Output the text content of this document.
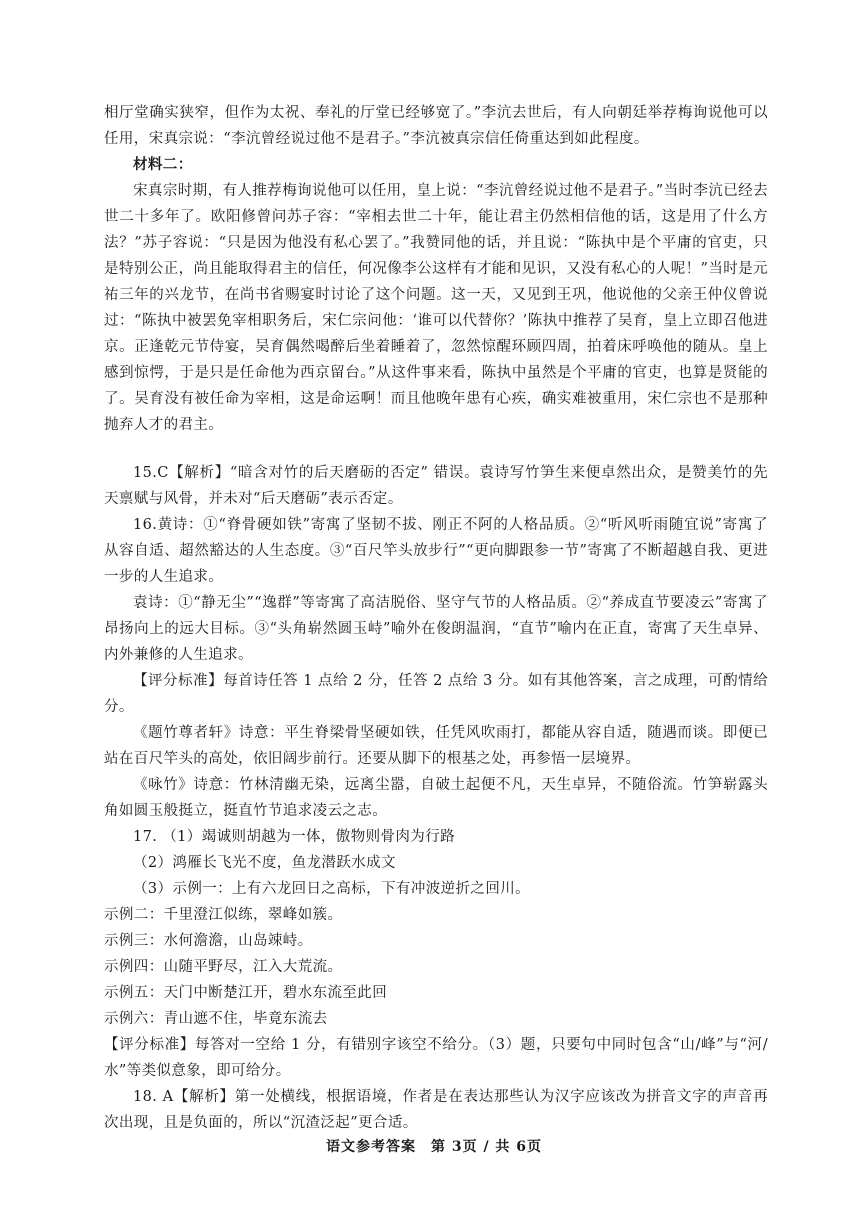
相厅堂确实狭窄，但作为太祝、奉礼的厅堂已经够宽了。”李沆去世后，有人向朝廷举荐梅询说他可以任用，宋真宗说：“李沆曾经说过他不是君子。”李沆被真宗信任倚重达到如此程度。

材料二：

宋真宗时期，有人推荐梅询说他可以任用，皇上说：“李沆曾经说过他不是君子。”当时李沆已经去世二十多年了。欧阳修曾问苏子容：“宰相去世二十年，能让君主仍然相信他的话，这是用了什么方法？”苏子容说：“只是因为他没有私心罢了。”我赞同他的话，并且说：“陈执中是个平庸的官吏，只是特别公正，尚且能取得君主的信任，何况像李公这样有才能和见识，又没有私心的人呢！”当时是元祐三年的兴龙节，在尚书省赐宴时讨论了这个问题。这一天，又见到王巩，他说他的父亲王仲仪曾说过：“陈执中被罢免宰相职务后，宋仁宗问他：‘谁可以代替你？’陈执中推荐了吴育，皇上立即召他进京。正逢乾元节侍宴，吴育偶然喝醉后坐着睡着了，忽然惊醒环顾四周，拍着床呼唤他的随从。皇上感到惊愕，于是只是任命他为西京留台。”从这件事来看，陈执中虽然是个平庸的官吏，也算是贤能的了。吴育没有被任命为宰相，这是命运啊！而且他晚年患有心疾，确实难被重用，宋仁宗也不是那种抛弃人才的君主。

15.C【解析】“暗含对竹的后天磨砺的否定” 错误。袁诗写竹笋生来便卓然出众，是赞美竹的先天禀赋与风骨，并未对“后天磨砺”表示否定。

16.黄诗：①“脊骨硬如铁”寄寓了坚韧不拔、刚正不阿的人格品质。②“听风听雨随宜说”寄寓了从容自适、超然豁达的人生态度。③“百尺竿头放步行”“更向脚跟参一节”寄寓了不断超越自我、更进一步的人生追求。

袁诗：①“静无尘”“逸群”等寄寓了高洁脱俗、坚守气节的人格品质。②“养成直节要凌云”寄寓了昂扬向上的远大目标。③“头角崭然圆玉峙”喻外在俊朗温润，“直节”喻内在正直，寄寓了天生卓异、内外兼修的人生追求。

【评分标准】每首诗任答 1 点给 2 分，任答 2 点给 3 分。如有其他答案，言之成理，可酌情给分。

《题竹尊者轩》诗意：平生脊梁骨坚硬如铁，任凭风吹雨打，都能从容自适，随遇而谈。即便已站在百尺竿头的高处，依旧阔步前行。还要从脚下的根基之处，再参悟一层境界。

《咏竹》诗意：竹林清幽无染，远离尘嚣，自破土起便不凡，天生卓异，不随俗流。竹笋崭露头角如圆玉般挺立，挺直竹节追求凌云之志。

17. （1）竭诚则胡越为一体，傲物则骨肉为行路

（2）鸿雁长飞光不度，鱼龙潜跃水成文

（3）示例一：上有六龙回日之高标，下有冲波逆折之回川。

示例二：千里澄江似练，翠峰如簇。

示例三：水何澹澹，山岛竦峙。

示例四：山随平野尽，江入大荒流。

示例五：天门中断楚江开，碧水东流至此回

示例六：青山遮不住，毕竟东流去

【评分标准】每答对一空给 1 分，有错别字该空不给分。（3）题，只要句中同时包含“山/峰”与“河/水”等类似意象，即可给分。

18. A【解析】第一处横线，根据语境，作者是在表达那些认为汉字应该改为拼音文字的声音再次出现，且是负面的，所以“沉渣泛起”更合适。

语文参考答案　第 3页 / 共 6页
